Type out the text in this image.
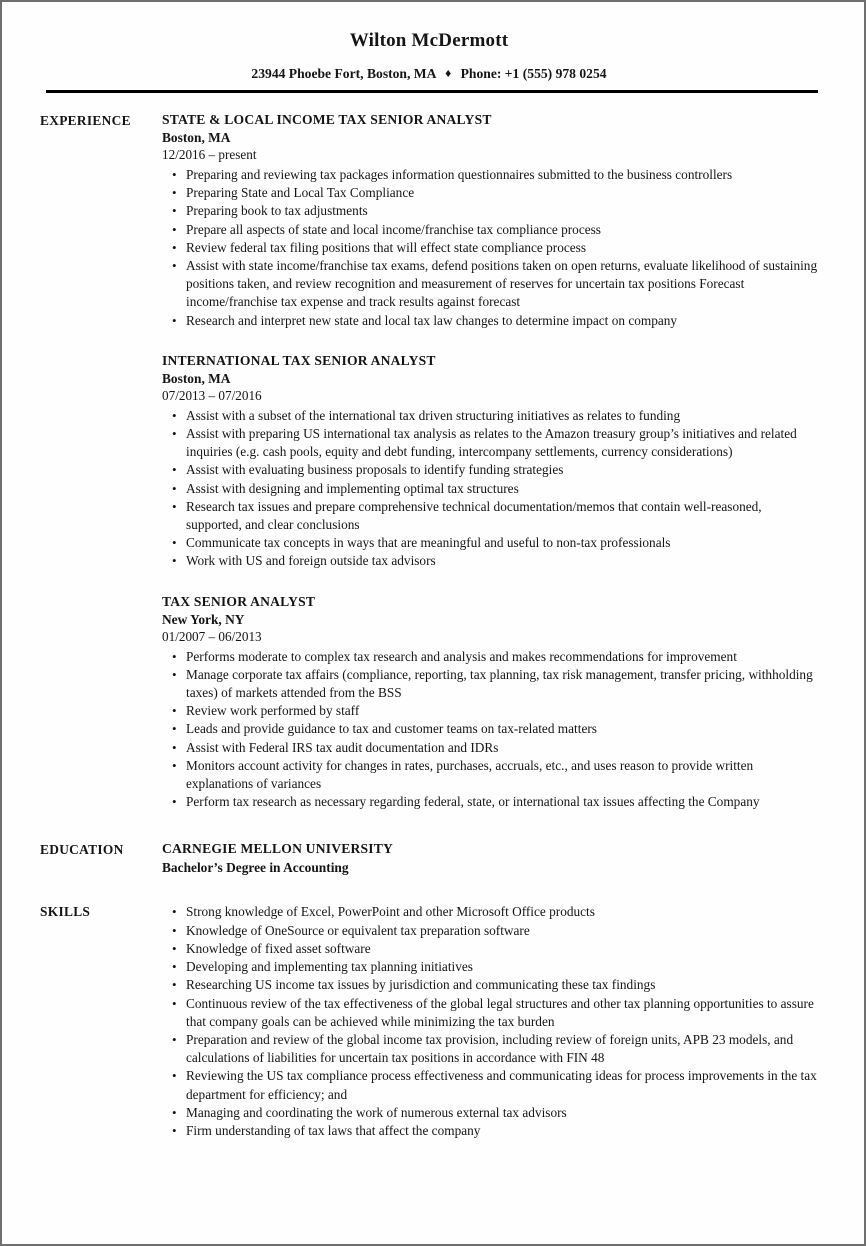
Wilton McDermott
23944 Phoebe Fort, Boston, MA ♦ Phone: +1 (555) 978 0254
EXPERIENCE	STATE & LOCAL INCOME TAX SENIOR ANALYST
Boston, MA
12/2016 – present
• Preparing and reviewing tax packages information questionnaires submitted to the business controllers
• Preparing State and Local Tax Compliance
• Preparing book to tax adjustments
• Prepare all aspects of state and local income/franchise tax compliance process
• Review federal tax filing positions that will effect state compliance process
• Assist with state income/franchise tax exams, defend positions taken on open returns, evaluate likelihood of sustaining positions taken, and review recognition and measurement of reserves for uncertain tax positions Forecast income/franchise tax expense and track results against forecast
• Research and interpret new state and local tax law changes to determine impact on company
INTERNATIONAL TAX SENIOR ANALYST
Boston, MA
07/2013 – 07/2016
• Assist with a subset of the international tax driven structuring initiatives as relates to funding
• Assist with preparing US international tax analysis as relates to the Amazon treasury group’s initiatives and related inquiries (e.g. cash pools, equity and debt funding, intercompany settlements, currency considerations)
• Assist with evaluating business proposals to identify funding strategies
• Assist with designing and implementing optimal tax structures
• Research tax issues and prepare comprehensive technical documentation/memos that contain well-reasoned, supported, and clear conclusions
• Communicate tax concepts in ways that are meaningful and useful to non-tax professionals
• Work with US and foreign outside tax advisors
TAX SENIOR ANALYST
New York, NY
01/2007 – 06/2013
• Performs moderate to complex tax research and analysis and makes recommendations for improvement
• Manage corporate tax affairs (compliance, reporting, tax planning, tax risk management, transfer pricing, withholding taxes) of markets attended from the BSS
• Review work performed by staff
• Leads and provide guidance to tax and customer teams on tax-related matters
• Assist with Federal IRS tax audit documentation and IDRs
• Monitors account activity for changes in rates, purchases, accruals, etc., and uses reason to provide written explanations of variances
• Perform tax research as necessary regarding federal, state, or international tax issues affecting the Company
EDUCATION	CARNEGIE MELLON UNIVERSITY
Bachelor’s Degree in Accounting
SKILLS	• Strong knowledge of Excel, PowerPoint and other Microsoft Office products
• Knowledge of OneSource or equivalent tax preparation software
• Knowledge of fixed asset software
• Developing and implementing tax planning initiatives
• Researching US income tax issues by jurisdiction and communicating these tax findings
• Continuous review of the tax effectiveness of the global legal structures and other tax planning opportunities to assure that company goals can be achieved while minimizing the tax burden
• Preparation and review of the global income tax provision, including review of foreign units, APB 23 models, and calculations of liabilities for uncertain tax positions in accordance with FIN 48
• Reviewing the US tax compliance process effectiveness and communicating ideas for process improvements in the tax department for efficiency; and
• Managing and coordinating the work of numerous external tax advisors
• Firm understanding of tax laws that affect the company
